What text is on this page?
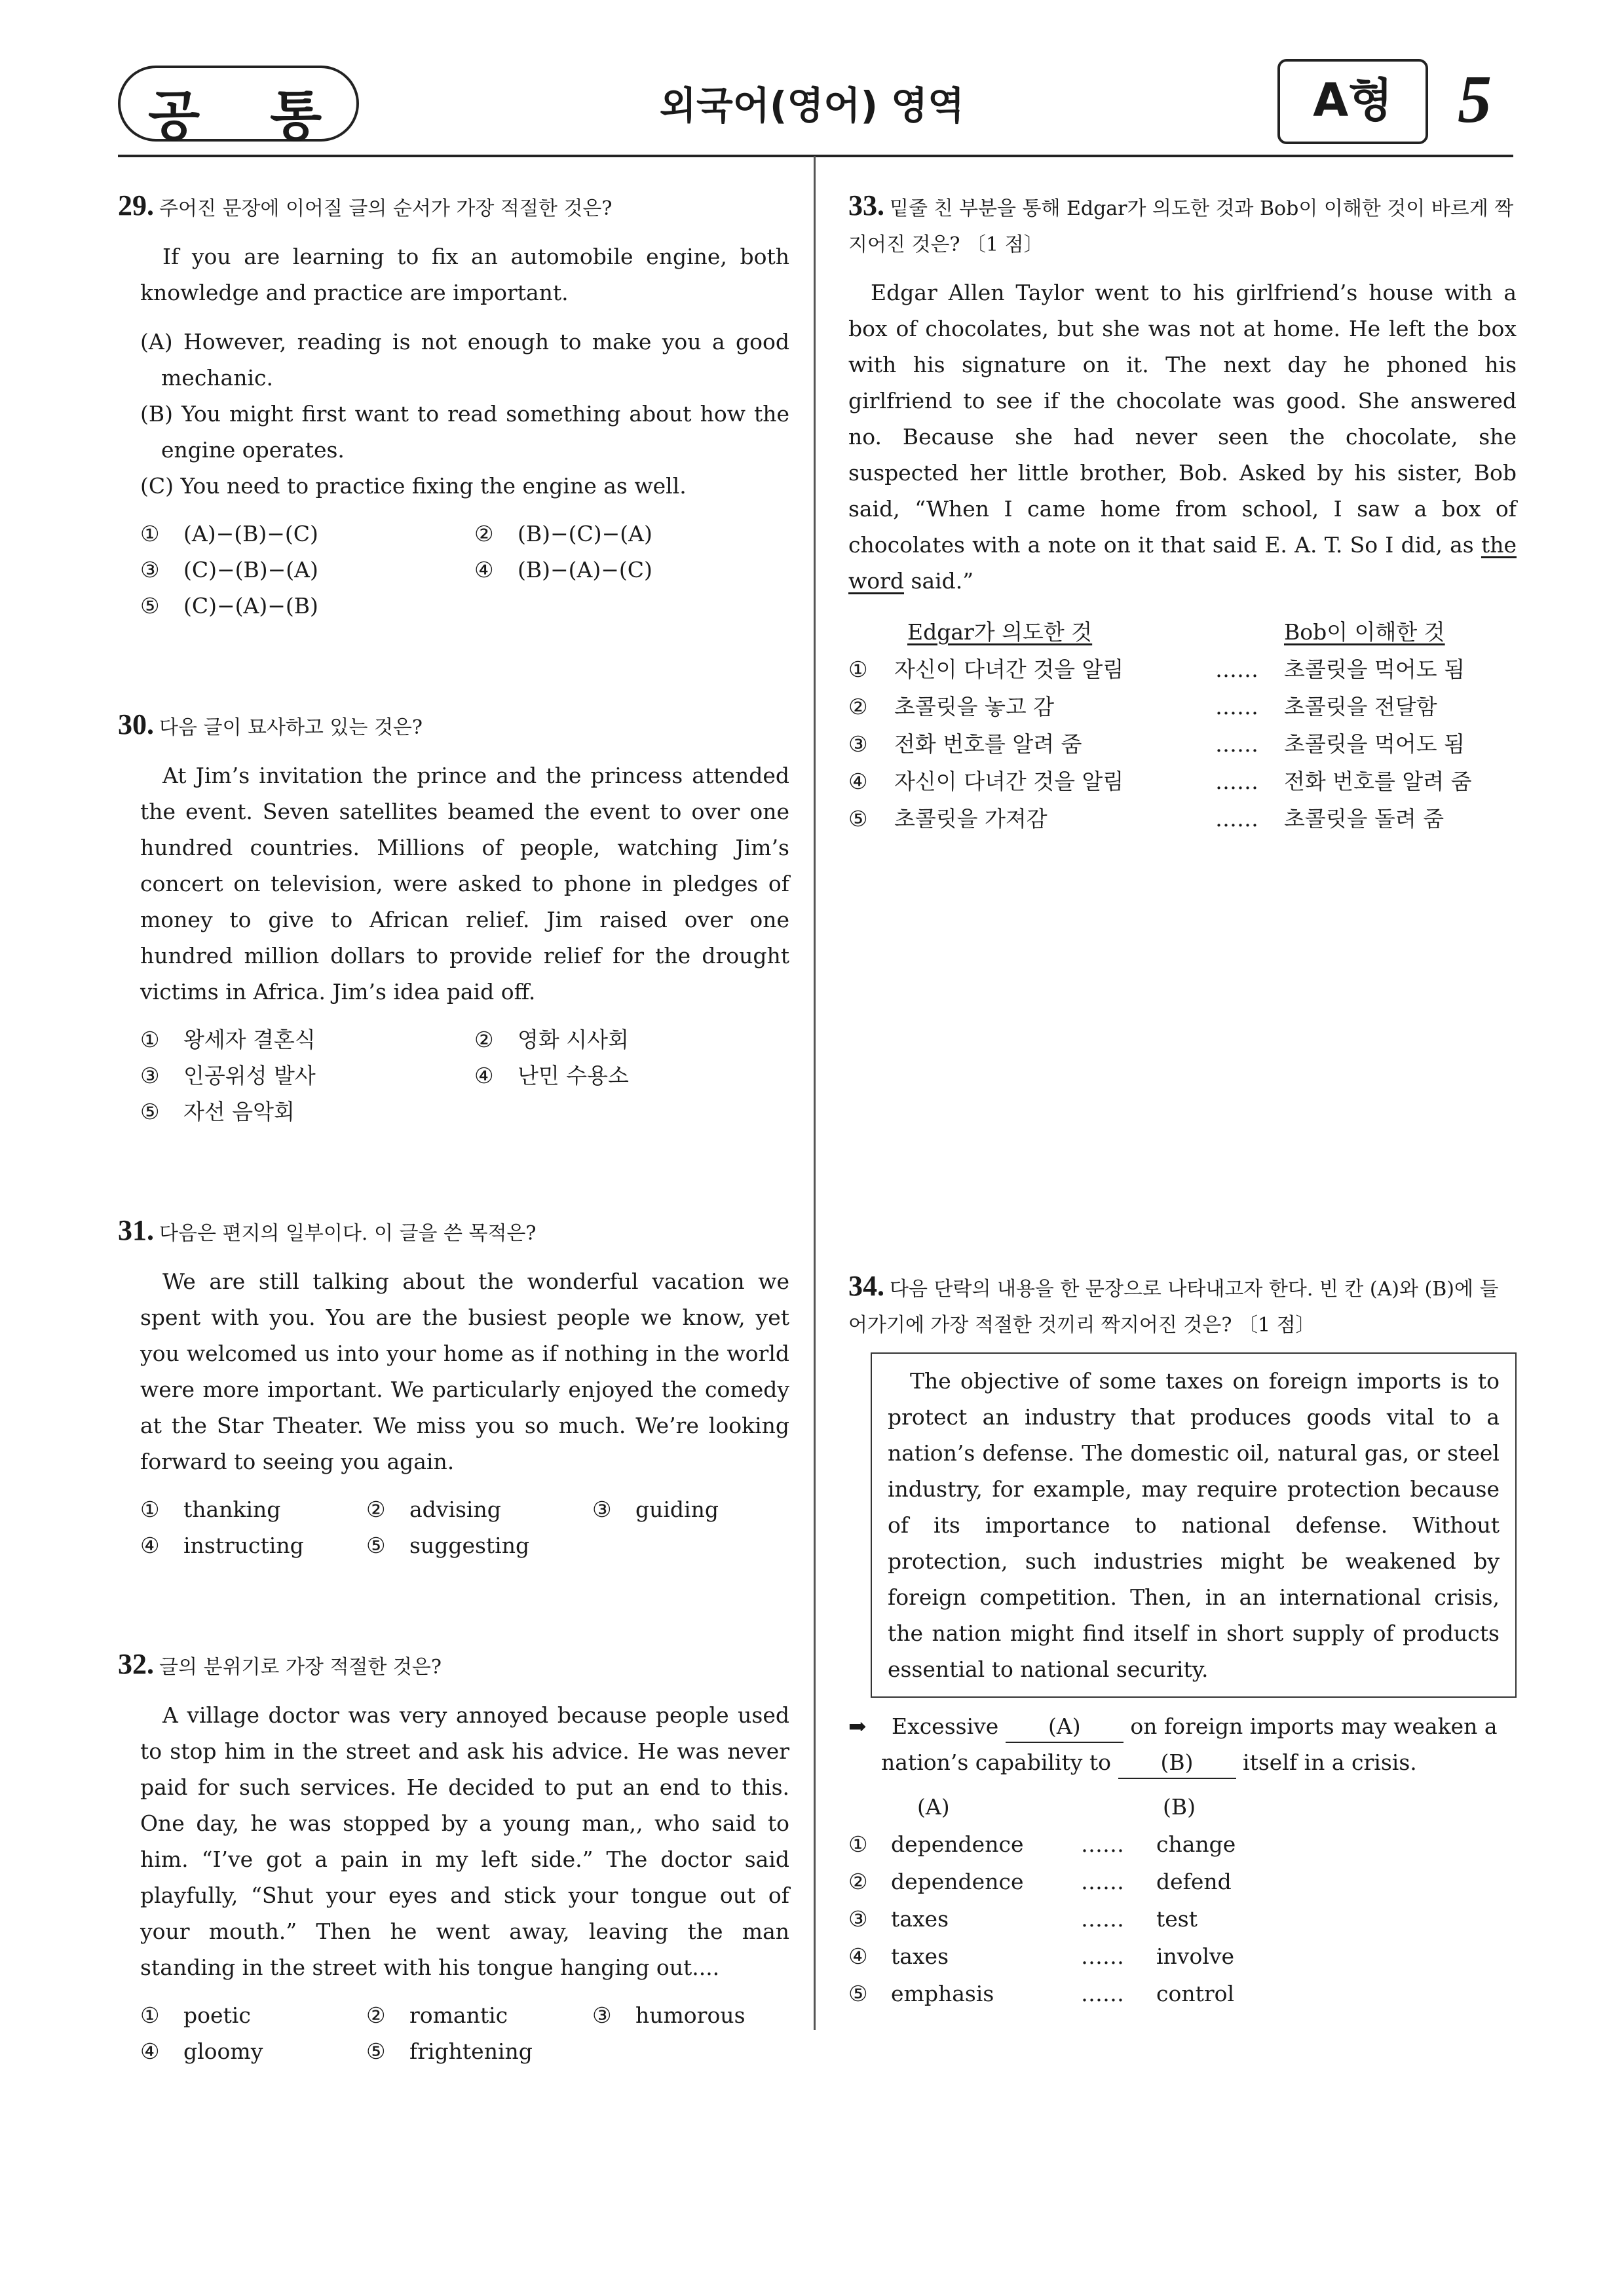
공 통	외국어(영어) 영역	A형 5
29. 주어진 문장에 이어질 글의 순서가 가장 적절한 것은?
If you are learning to fix an automobile engine, both knowledge and practice are important.
(A) However, reading is not enough to make you a good mechanic.
(B) You might first want to read something about how the engine operates.
(C) You need to practice fixing the engine as well.
① (A)−(B)−(C)	② (B)−(C)−(A)
③ (C)−(B)−(A)	④ (B)−(A)−(C)
⑤ (C)−(A)−(B)
30. 다음 글이 묘사하고 있는 것은?
At Jim’s invitation the prince and the princess attended the event. Seven satellites beamed the event to over one hundred countries. Millions of people, watching Jim’s concert on television, were asked to phone in pledges of money to give to African relief. Jim raised over one hundred million dollars to provide relief for the drought victims in Africa. Jim’s idea paid off.
① 왕세자 결혼식	② 영화 시사회
③ 인공위성 발사	④ 난민 수용소
⑤ 자선 음악회
31. 다음은 편지의 일부이다. 이 글을 쓴 목적은?
We are still talking about the wonderful vacation we spent with you. You are the busiest people we know, yet you welcomed us into your home as if nothing in the world were more important. We particularly enjoyed the comedy at the Star Theater. We miss you so much. We’re looking forward to seeing you again.
① thanking	② advising	③ guiding
④ instructing	⑤ suggesting
32. 글의 분위기로 가장 적절한 것은?
A village doctor was very annoyed because people used to stop him in the street and ask his advice. He was never paid for such services. He decided to put an end to this. One day, he was stopped by a young man,, who said to him. “I’ve got a pain in my left side.” The doctor said playfully, “Shut your eyes and stick your tongue out of your mouth.” Then he went away, leaving the man standing in the street with his tongue hanging out....
① poetic	② romantic	③ humorous
④ gloomy	⑤ frightening
33. 밑줄 친 부분을 통해 Edgar가 의도한 것과 Bob이 이해한 것이 바르게 짝지어진 것은? 〔1 점〕
Edgar Allen Taylor went to his girlfriend’s house with a box of chocolates, but she was not at home. He left the box with his signature on it. The next day he phoned his girlfriend to see if the chocolate was good. She answered no. Because she had never seen the chocolate, she suspected her little brother, Bob. Asked by his sister, Bob said, “When I came home from school, I saw a box of chocolates with a note on it that said E. A. T. So I did, as the word said.”
	Edgar가 의도한 것		Bob이 이해한 것
①	자신이 다녀간 것을 알림	……	초콜릿을 먹어도 됨
②	초콜릿을 놓고 감	……	초콜릿을 전달함
③	전화 번호를 알려 줌	……	초콜릿을 먹어도 됨
④	자신이 다녀간 것을 알림	……	전화 번호를 알려 줌
⑤	초콜릿을 가져감	……	초콜릿을 돌려 줌
34. 다음 단락의 내용을 한 문장으로 나타내고자 한다. 빈 칸 (A)와 (B)에 들어가기에 가장 적절한 것끼리 짝지어진 것은? 〔1 점〕
The objective of some taxes on foreign imports is to protect an industry that produces goods vital to a nation’s defense. The domestic oil, natural gas, or steel industry, for example, may require protection because of its importance to national defense. Without protection, such industries might be weakened by foreign competition. Then, in an international crisis, the nation might find itself in short supply of products essential to national security.
➡ Excessive (A) on foreign imports may weaken a
nation’s capability to (B) itself in a crisis.
	(A)		(B)
①	dependence	……	change
②	dependence	……	defend
③	taxes	……	test
④	taxes	……	involve
⑤	emphasis	……	control
